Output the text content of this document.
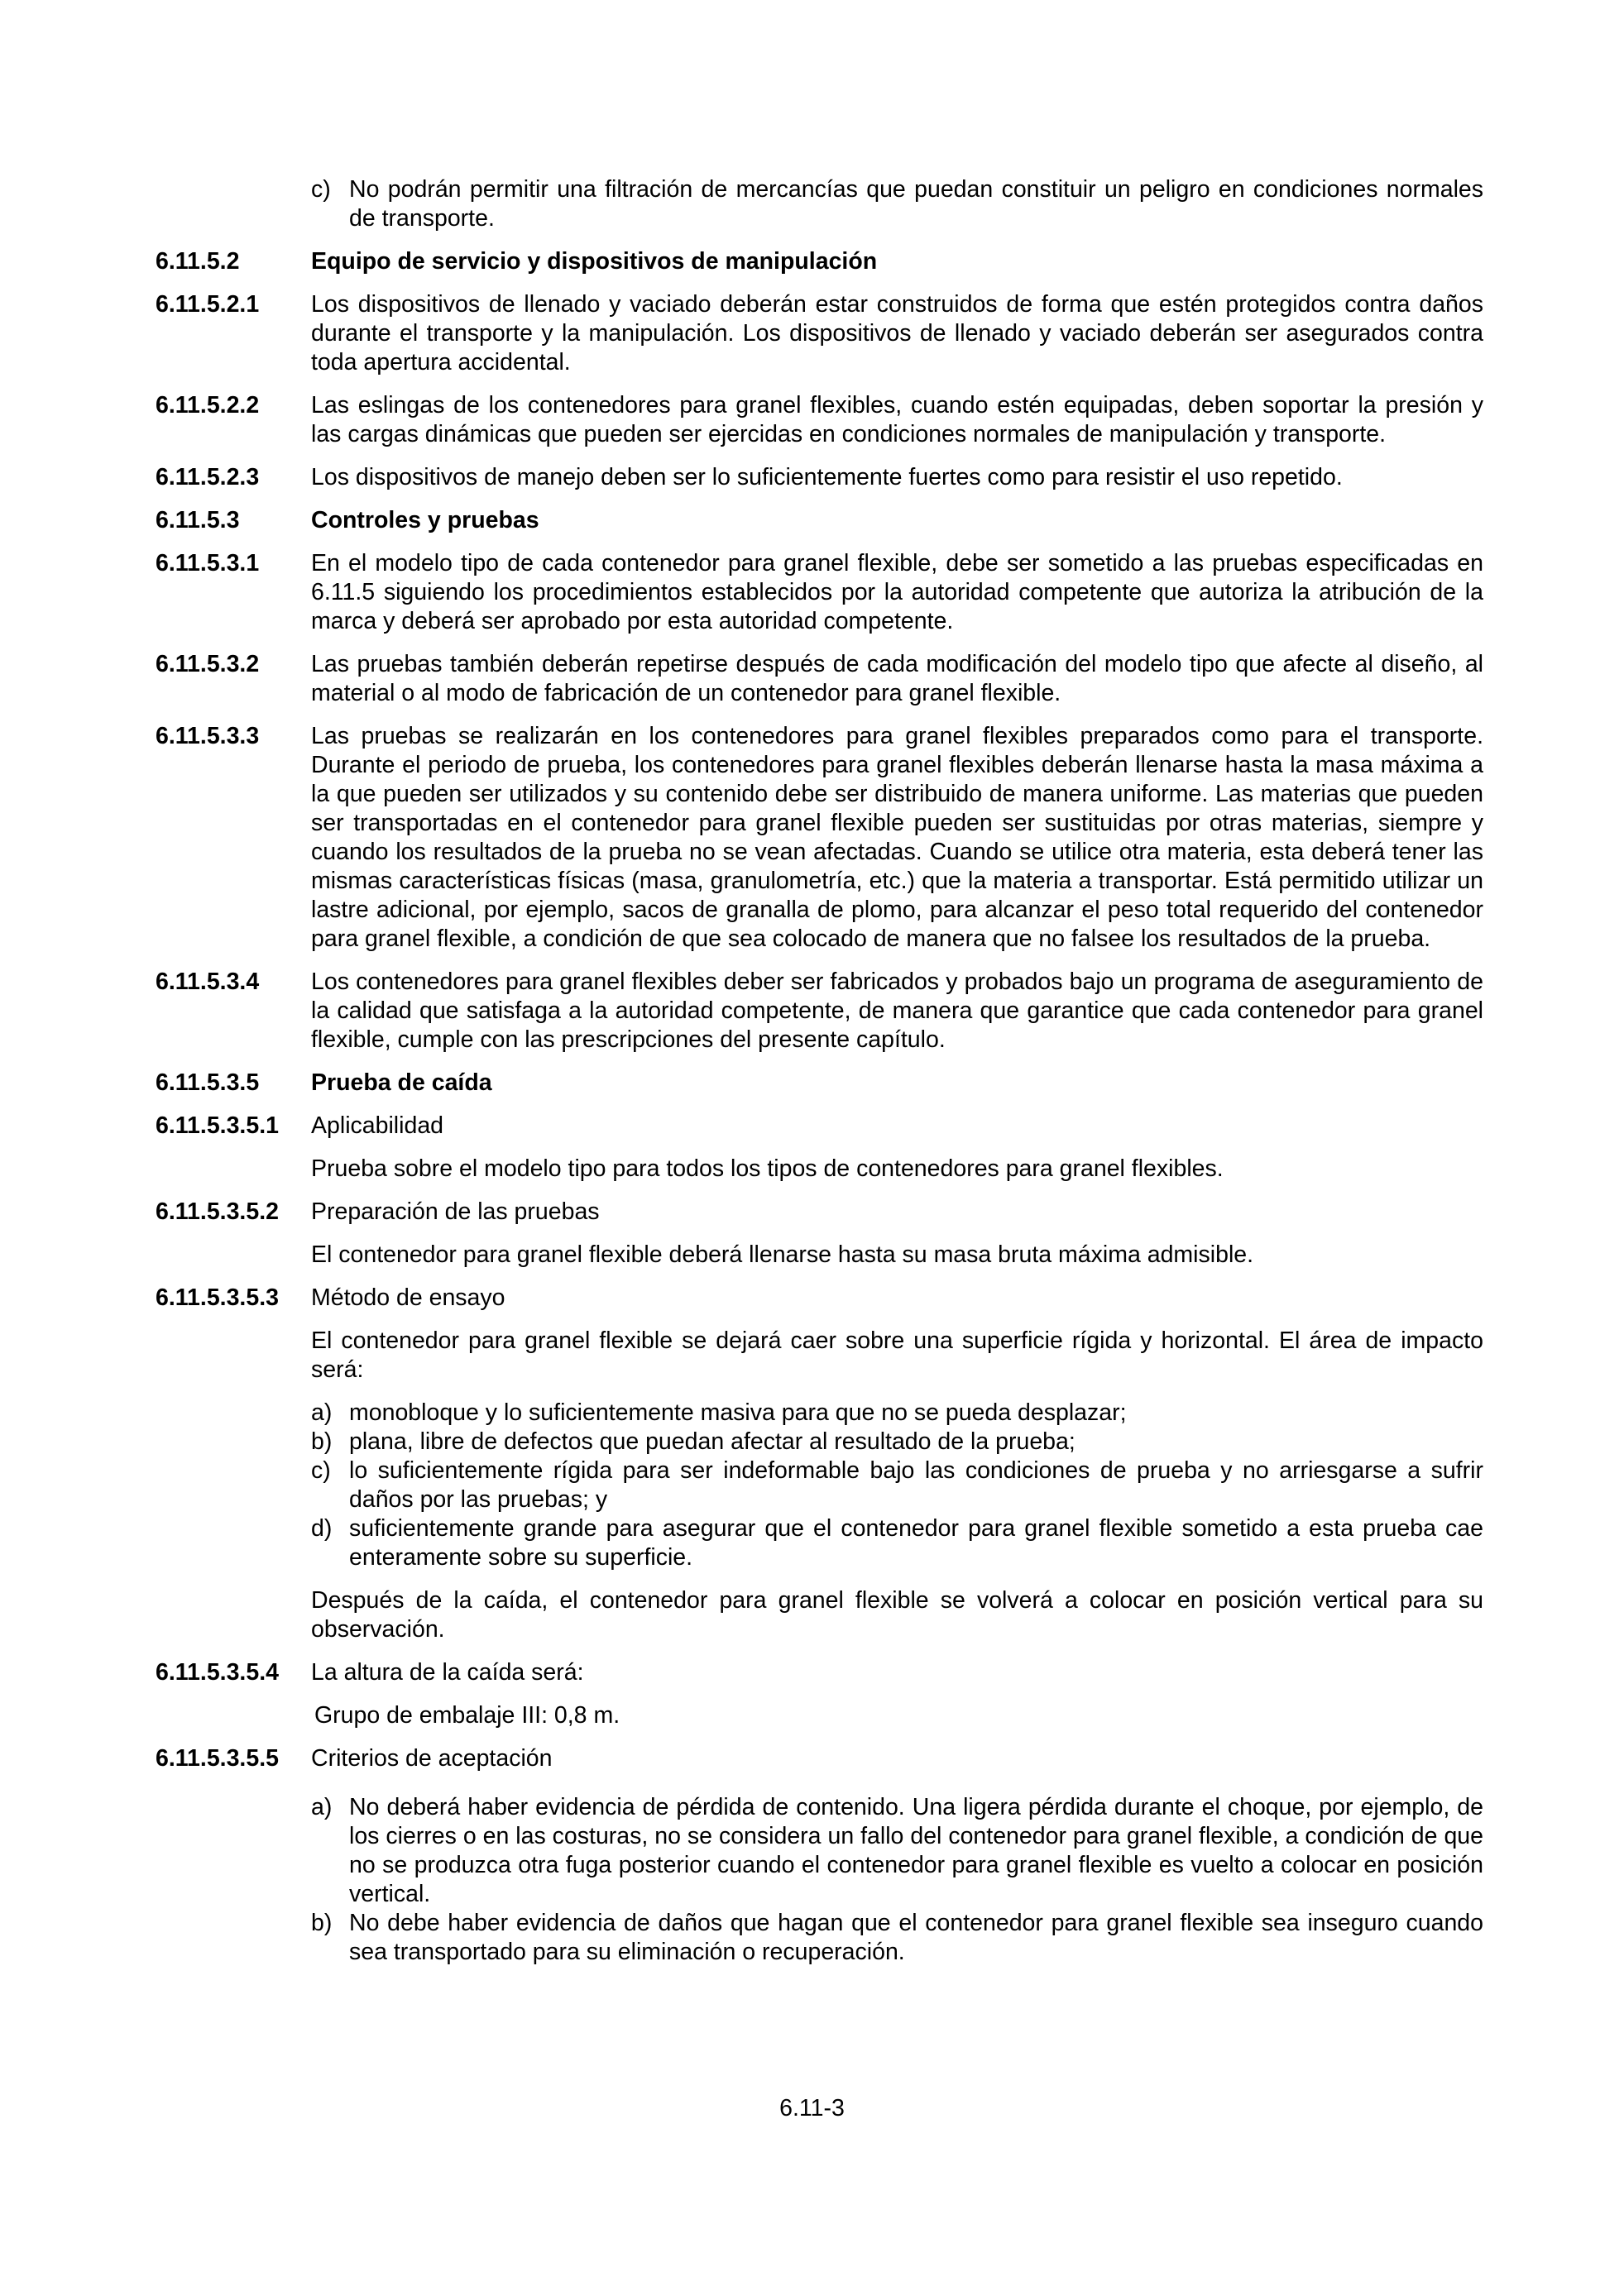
c) No podrán permitir una filtración de mercancías que puedan constituir un peligro en condiciones normales de transporte.
6.11.5.2	Equipo de servicio y dispositivos de manipulación
6.11.5.2.1	Los dispositivos de llenado y vaciado deberán estar construidos de forma que estén protegidos contra daños durante el transporte y la manipulación. Los dispositivos de llenado y vaciado deberán ser asegurados contra toda apertura accidental.
6.11.5.2.2	Las eslingas de los contenedores para granel flexibles, cuando estén equipadas, deben soportar la presión y las cargas dinámicas que pueden ser ejercidas en condiciones normales de manipulación y transporte.
6.11.5.2.3	Los dispositivos de manejo deben ser lo suficientemente fuertes como para resistir el uso repetido.
6.11.5.3	Controles y pruebas
6.11.5.3.1	En el modelo tipo de cada contenedor para granel flexible, debe ser sometido a las pruebas especificadas en 6.11.5 siguiendo los procedimientos establecidos por la autoridad competente que autoriza la atribución de la marca y deberá ser aprobado por esta autoridad competente.
6.11.5.3.2	Las pruebas también deberán repetirse después de cada modificación del modelo tipo que afecte al diseño, al material o al modo de fabricación de un contenedor para granel flexible.
6.11.5.3.3	Las pruebas se realizarán en los contenedores para granel flexibles preparados como para el transporte. Durante el periodo de prueba, los contenedores para granel flexibles deberán llenarse hasta la masa máxima a la que pueden ser utilizados y su contenido debe ser distribuido de manera uniforme. Las materias que pueden ser transportadas en el contenedor para granel flexible pueden ser sustituidas por otras materias, siempre y cuando los resultados de la prueba no se vean afectadas. Cuando se utilice otra materia, esta deberá tener las mismas características físicas (masa, granulometría, etc.) que la materia a transportar. Está permitido utilizar un lastre adicional, por ejemplo, sacos de granalla de plomo, para alcanzar el peso total requerido del contenedor para granel flexible, a condición de que sea colocado de manera que no falsee los resultados de la prueba.
6.11.5.3.4	Los contenedores para granel flexibles deber ser fabricados y probados bajo un programa de aseguramiento de la calidad que satisfaga a la autoridad competente, de manera que garantice que cada contenedor para granel flexible, cumple con las prescripciones del presente capítulo.
6.11.5.3.5	Prueba de caída
6.11.5.3.5.1	Aplicabilidad
Prueba sobre el modelo tipo para todos los tipos de contenedores para granel flexibles.
6.11.5.3.5.2	Preparación de las pruebas
El contenedor para granel flexible deberá llenarse hasta su masa bruta máxima admisible.
6.11.5.3.5.3	Método de ensayo
El contenedor para granel flexible se dejará caer sobre una superficie rígida y horizontal. El área de impacto será:
a) monobloque y lo suficientemente masiva para que no se pueda desplazar;
b) plana, libre de defectos que puedan afectar al resultado de la prueba;
c) lo suficientemente rígida para ser indeformable bajo las condiciones de prueba y no arriesgarse a sufrir daños por las pruebas; y
d) suficientemente grande para asegurar que el contenedor para granel flexible sometido a esta prueba cae enteramente sobre su superficie.
Después de la caída, el contenedor para granel flexible se volverá a colocar en posición vertical para su observación.
6.11.5.3.5.4	La altura de la caída será:
Grupo de embalaje III: 0,8 m.
6.11.5.3.5.5	Criterios de aceptación
a) No deberá haber evidencia de pérdida de contenido. Una ligera pérdida durante el choque, por ejemplo, de los cierres o en las costuras, no se considera un fallo del contenedor para granel flexible, a condición de que no se produzca otra fuga posterior cuando el contenedor para granel flexible es vuelto a colocar en posición vertical.
b) No debe haber evidencia de daños que hagan que el contenedor para granel flexible sea inseguro cuando sea transportado para su eliminación o recuperación.
6.11-3
